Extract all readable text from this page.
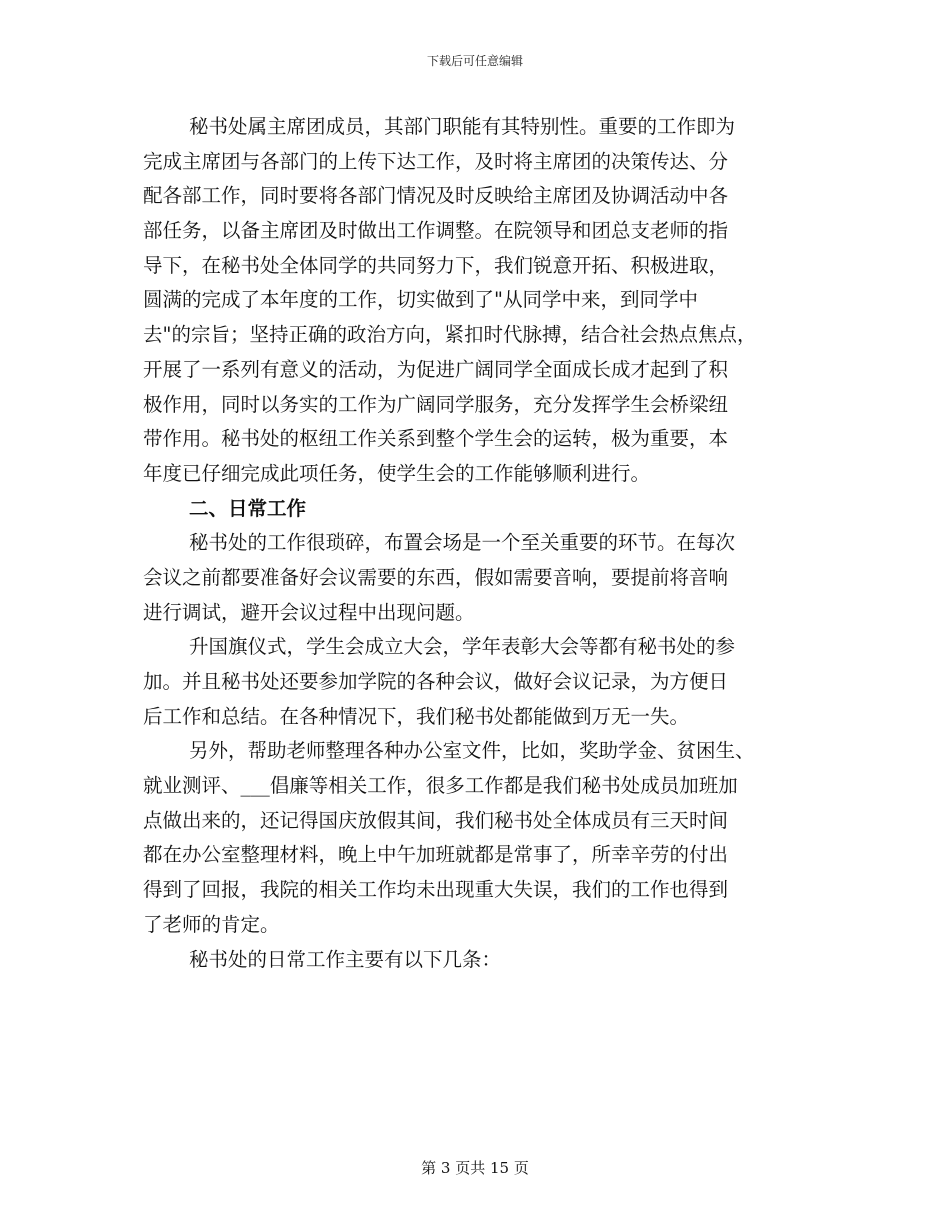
下载后可任意编辑
秘书处属主席团成员，其部门职能有其特别性。重要的工作即为
完成主席团与各部门的上传下达工作，及时将主席团的决策传达、分
配各部工作，同时要将各部门情况及时反映给主席团及协调活动中各
部任务，以备主席团及时做出工作调整。在院领导和团总支老师的指
导下，在秘书处全体同学的共同努力下，我们锐意开拓、积极进取，
圆满的完成了本年度的工作，切实做到了"从同学中来，到同学中
去"的宗旨；坚持正确的政治方向，紧扣时代脉搏，结合社会热点焦点，
开展了一系列有意义的活动，为促进广阔同学全面成长成才起到了积
极作用，同时以务实的工作为广阔同学服务，充分发挥学生会桥梁纽
带作用。秘书处的枢纽工作关系到整个学生会的运转，极为重要，本
年度已仔细完成此项任务，使学生会的工作能够顺利进行。
二、日常工作
秘书处的工作很琐碎，布置会场是一个至关重要的环节。在每次
会议之前都要准备好会议需要的东西，假如需要音响，要提前将音响
进行调试，避开会议过程中出现问题。
升国旗仪式，学生会成立大会，学年表彰大会等都有秘书处的参
加。并且秘书处还要参加学院的各种会议，做好会议记录，为方便日
后工作和总结。在各种情况下，我们秘书处都能做到万无一失。
另外，帮助老师整理各种办公室文件，比如，奖助学金、贫困生、
就业测评、___倡廉等相关工作，很多工作都是我们秘书处成员加班加
点做出来的，还记得国庆放假其间，我们秘书处全体成员有三天时间
都在办公室整理材料，晚上中午加班就都是常事了，所幸辛劳的付出
得到了回报，我院的相关工作均未出现重大失误，我们的工作也得到
了老师的肯定。
秘书处的日常工作主要有以下几条：
第 3 页共 15 页
